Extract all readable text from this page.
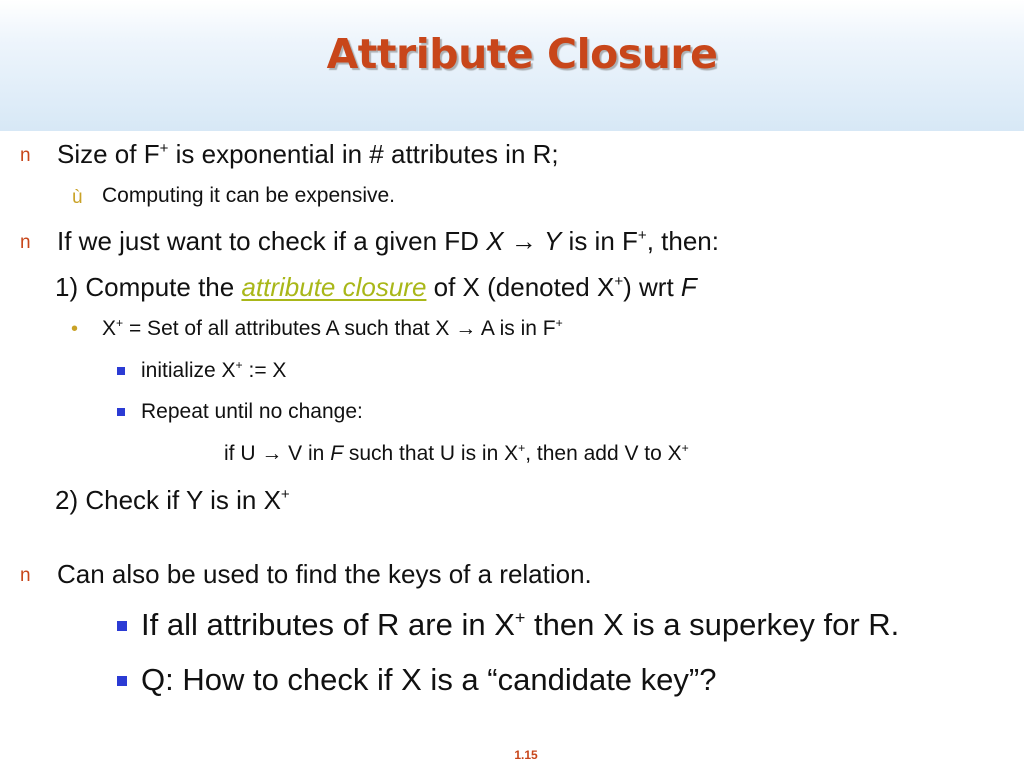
Attribute Closure
n Size of F+ is exponential in # attributes in R;
ù Computing it can be expensive.
n If we just want to check if a given FD X → Y is in F+, then:
1) Compute the attribute closure of X (denoted X+) wrt F
• X+ = Set of all attributes A such that X → A is in F+
initialize X+ := X
Repeat until no change:
if U → V in F such that U is in X+, then add V to X+
2) Check if Y is in X+
n Can also be used to find the keys of a relation.
If all attributes of R are in X+ then X is a superkey for R.
Q: How to check if X is a “candidate key”?
1.15
